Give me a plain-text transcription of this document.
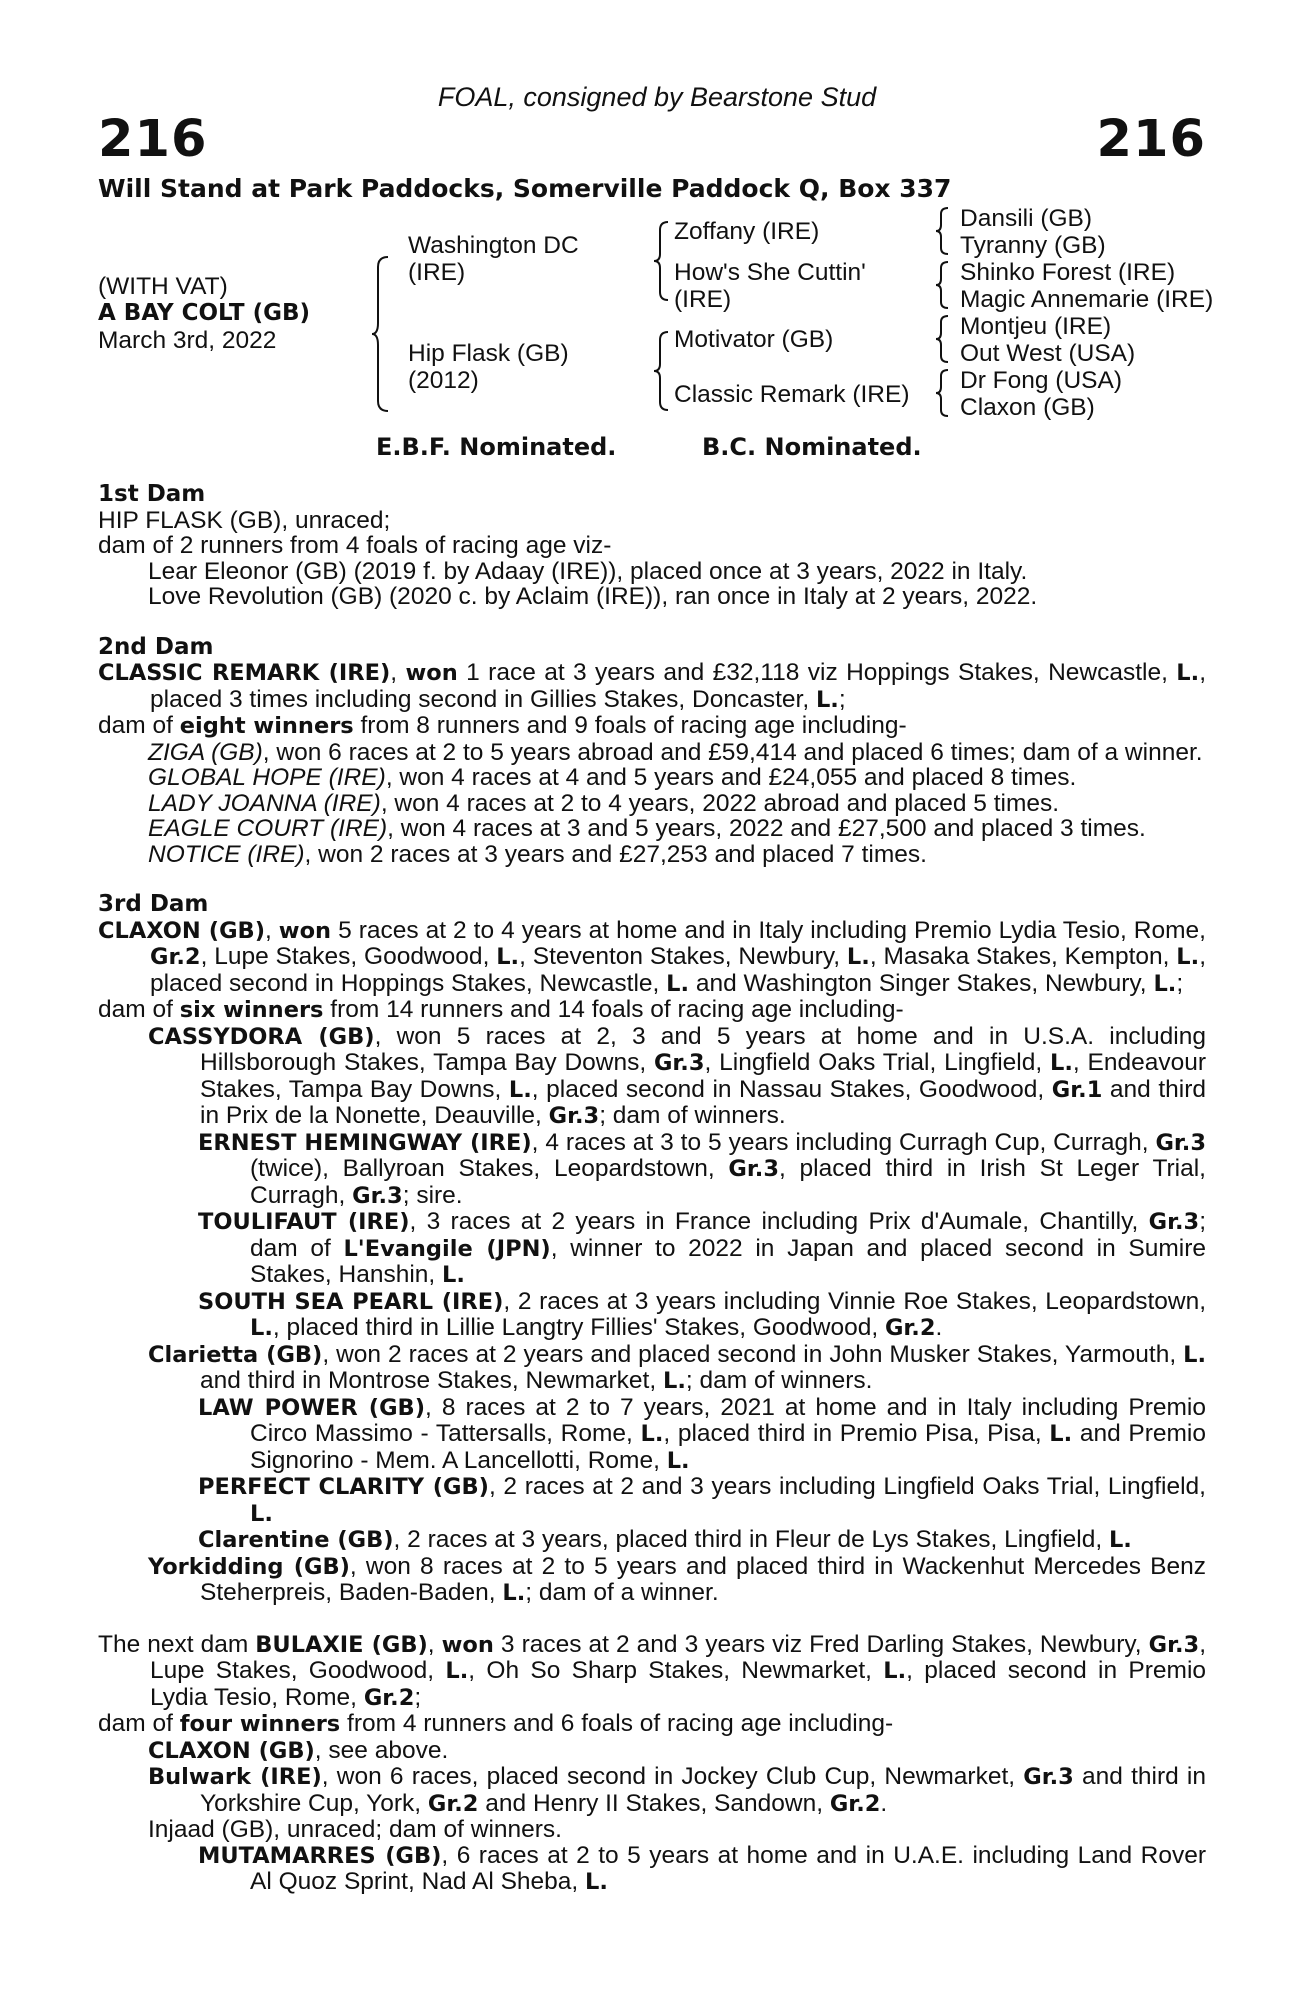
FOAL, consigned by Bearstone Stud
216	216
Will Stand at Park Paddocks, Somerville Paddock Q, Box 337
(WITH VAT)
A BAY COLT (GB)
March 3rd, 2022
Washington DC
(IRE)
Hip Flask (GB)
(2012)
Zoffany (IRE)
How's She Cuttin'
(IRE)
Motivator (GB)
Classic Remark (IRE)
Dansili (GB)
Tyranny (GB)
Shinko Forest (IRE)
Magic Annemarie (IRE)
Montjeu (IRE)
Out West (USA)
Dr Fong (USA)
Claxon (GB)
E.B.F. Nominated.	B.C. Nominated.
1st Dam
HIP FLASK (GB), unraced;
dam of 2 runners from 4 foals of racing age viz-
Lear Eleonor (GB) (2019 f. by Adaay (IRE)), placed once at 3 years, 2022 in Italy.
Love Revolution (GB) (2020 c. by Aclaim (IRE)), ran once in Italy at 2 years, 2022.
2nd Dam
CLASSIC REMARK (IRE), won 1 race at 3 years and £32,118 viz Hoppings Stakes, Newcastle, L., placed 3 times including second in Gillies Stakes, Doncaster, L.;
dam of eight winners from 8 runners and 9 foals of racing age including-
ZIGA (GB), won 6 races at 2 to 5 years abroad and £59,414 and placed 6 times; dam of a winner.
GLOBAL HOPE (IRE), won 4 races at 4 and 5 years and £24,055 and placed 8 times.
LADY JOANNA (IRE), won 4 races at 2 to 4 years, 2022 abroad and placed 5 times.
EAGLE COURT (IRE), won 4 races at 3 and 5 years, 2022 and £27,500 and placed 3 times.
NOTICE (IRE), won 2 races at 3 years and £27,253 and placed 7 times.
3rd Dam
CLAXON (GB), won 5 races at 2 to 4 years at home and in Italy including Premio Lydia Tesio, Rome, Gr.2, Lupe Stakes, Goodwood, L., Steventon Stakes, Newbury, L., Masaka Stakes, Kempton, L., placed second in Hoppings Stakes, Newcastle, L. and Washington Singer Stakes, Newbury, L.;
dam of six winners from 14 runners and 14 foals of racing age including-
CASSYDORA (GB), won 5 races at 2, 3 and 5 years at home and in U.S.A. including Hillsborough Stakes, Tampa Bay Downs, Gr.3, Lingfield Oaks Trial, Lingfield, L., Endeavour Stakes, Tampa Bay Downs, L., placed second in Nassau Stakes, Goodwood, Gr.1 and third in Prix de la Nonette, Deauville, Gr.3; dam of winners.
ERNEST HEMINGWAY (IRE), 4 races at 3 to 5 years including Curragh Cup, Curragh, Gr.3 (twice), Ballyroan Stakes, Leopardstown, Gr.3, placed third in Irish St Leger Trial, Curragh, Gr.3; sire.
TOULIFAUT (IRE), 3 races at 2 years in France including Prix d'Aumale, Chantilly, Gr.3; dam of L'Evangile (JPN), winner to 2022 in Japan and placed second in Sumire Stakes, Hanshin, L.
SOUTH SEA PEARL (IRE), 2 races at 3 years including Vinnie Roe Stakes, Leopardstown, L., placed third in Lillie Langtry Fillies' Stakes, Goodwood, Gr.2.
Clarietta (GB), won 2 races at 2 years and placed second in John Musker Stakes, Yarmouth, L. and third in Montrose Stakes, Newmarket, L.; dam of winners.
LAW POWER (GB), 8 races at 2 to 7 years, 2021 at home and in Italy including Premio Circo Massimo - Tattersalls, Rome, L., placed third in Premio Pisa, Pisa, L. and Premio Signorino - Mem. A Lancellotti, Rome, L.
PERFECT CLARITY (GB), 2 races at 2 and 3 years including Lingfield Oaks Trial, Lingfield, L.
Clarentine (GB), 2 races at 3 years, placed third in Fleur de Lys Stakes, Lingfield, L.
Yorkidding (GB), won 8 races at 2 to 5 years and placed third in Wackenhut Mercedes Benz Steherpreis, Baden-Baden, L.; dam of a winner.
The next dam BULAXIE (GB), won 3 races at 2 and 3 years viz Fred Darling Stakes, Newbury, Gr.3, Lupe Stakes, Goodwood, L., Oh So Sharp Stakes, Newmarket, L., placed second in Premio Lydia Tesio, Rome, Gr.2;
dam of four winners from 4 runners and 6 foals of racing age including-
CLAXON (GB), see above.
Bulwark (IRE), won 6 races, placed second in Jockey Club Cup, Newmarket, Gr.3 and third in Yorkshire Cup, York, Gr.2 and Henry II Stakes, Sandown, Gr.2.
Injaad (GB), unraced; dam of winners.
MUTAMARRES (GB), 6 races at 2 to 5 years at home and in U.A.E. including Land Rover Al Quoz Sprint, Nad Al Sheba, L.
